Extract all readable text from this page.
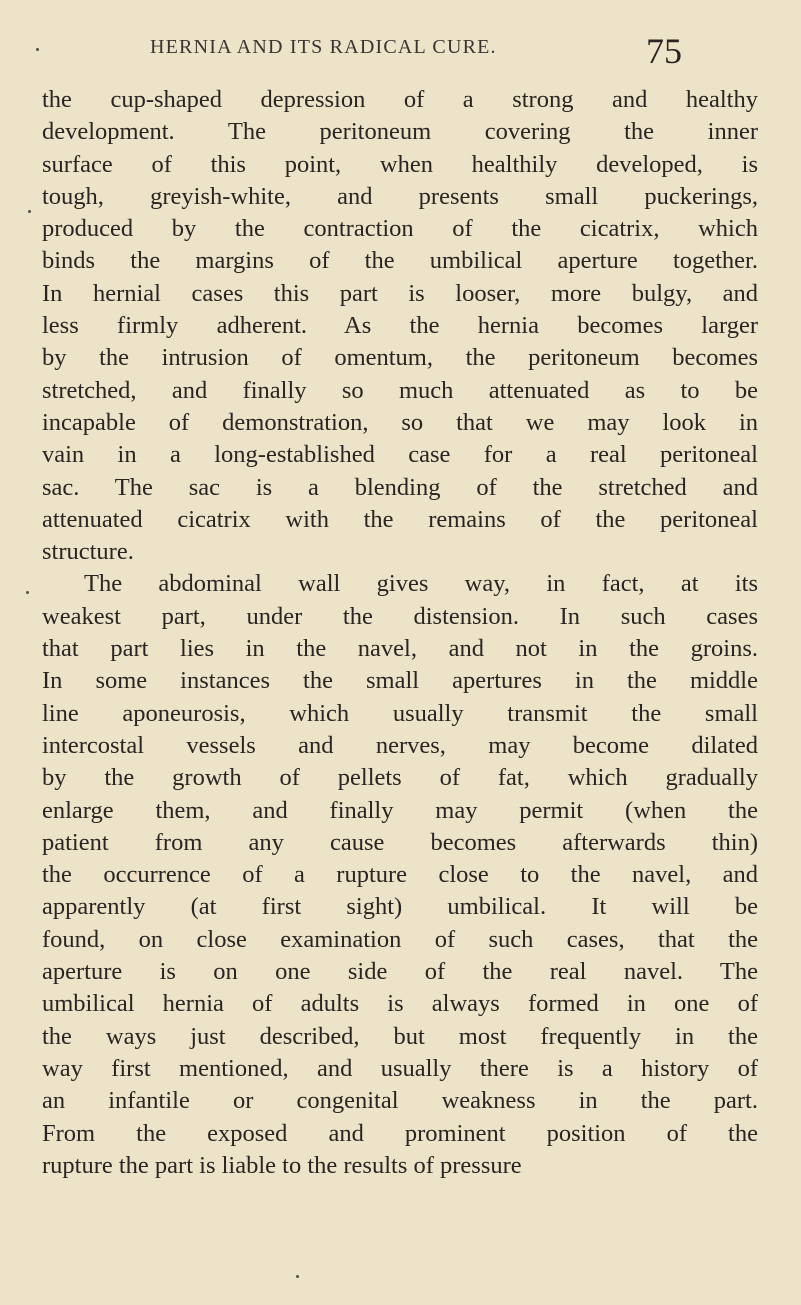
HERNIA AND ITS RADICAL CURE.	75
the cup-shaped depression of a strong and healthy
development. The peritoneum covering the inner
surface of this point, when healthily developed, is
tough, greyish-white, and presents small puckerings,
produced by the contraction of the cicatrix, which
binds the margins of the umbilical aperture together.
In hernial cases this part is looser, more bulgy, and
less firmly adherent. As the hernia becomes larger
by the intrusion of omentum, the peritoneum becomes
stretched, and finally so much attenuated as to be
incapable of demonstration, so that we may look in
vain in a long-established case for a real peritoneal
sac. The sac is a blending of the stretched and
attenuated cicatrix with the remains of the peritoneal
structure.
The abdominal wall gives way, in fact, at its
weakest part, under the distension. In such cases
that part lies in the navel, and not in the groins.
In some instances the small apertures in the middle
line aponeurosis, which usually transmit the small
intercostal vessels and nerves, may become dilated
by the growth of pellets of fat, which gradually
enlarge them, and finally may permit (when the
patient from any cause becomes afterwards thin)
the occurrence of a rupture close to the navel, and
apparently (at first sight) umbilical. It will be
found, on close examination of such cases, that the
aperture is on one side of the real navel. The
umbilical hernia of adults is always formed in one of
the ways just described, but most frequently in the
way first mentioned, and usually there is a history of
an infantile or congenital weakness in the part.
From the exposed and prominent position of the
rupture the part is liable to the results of pressure
